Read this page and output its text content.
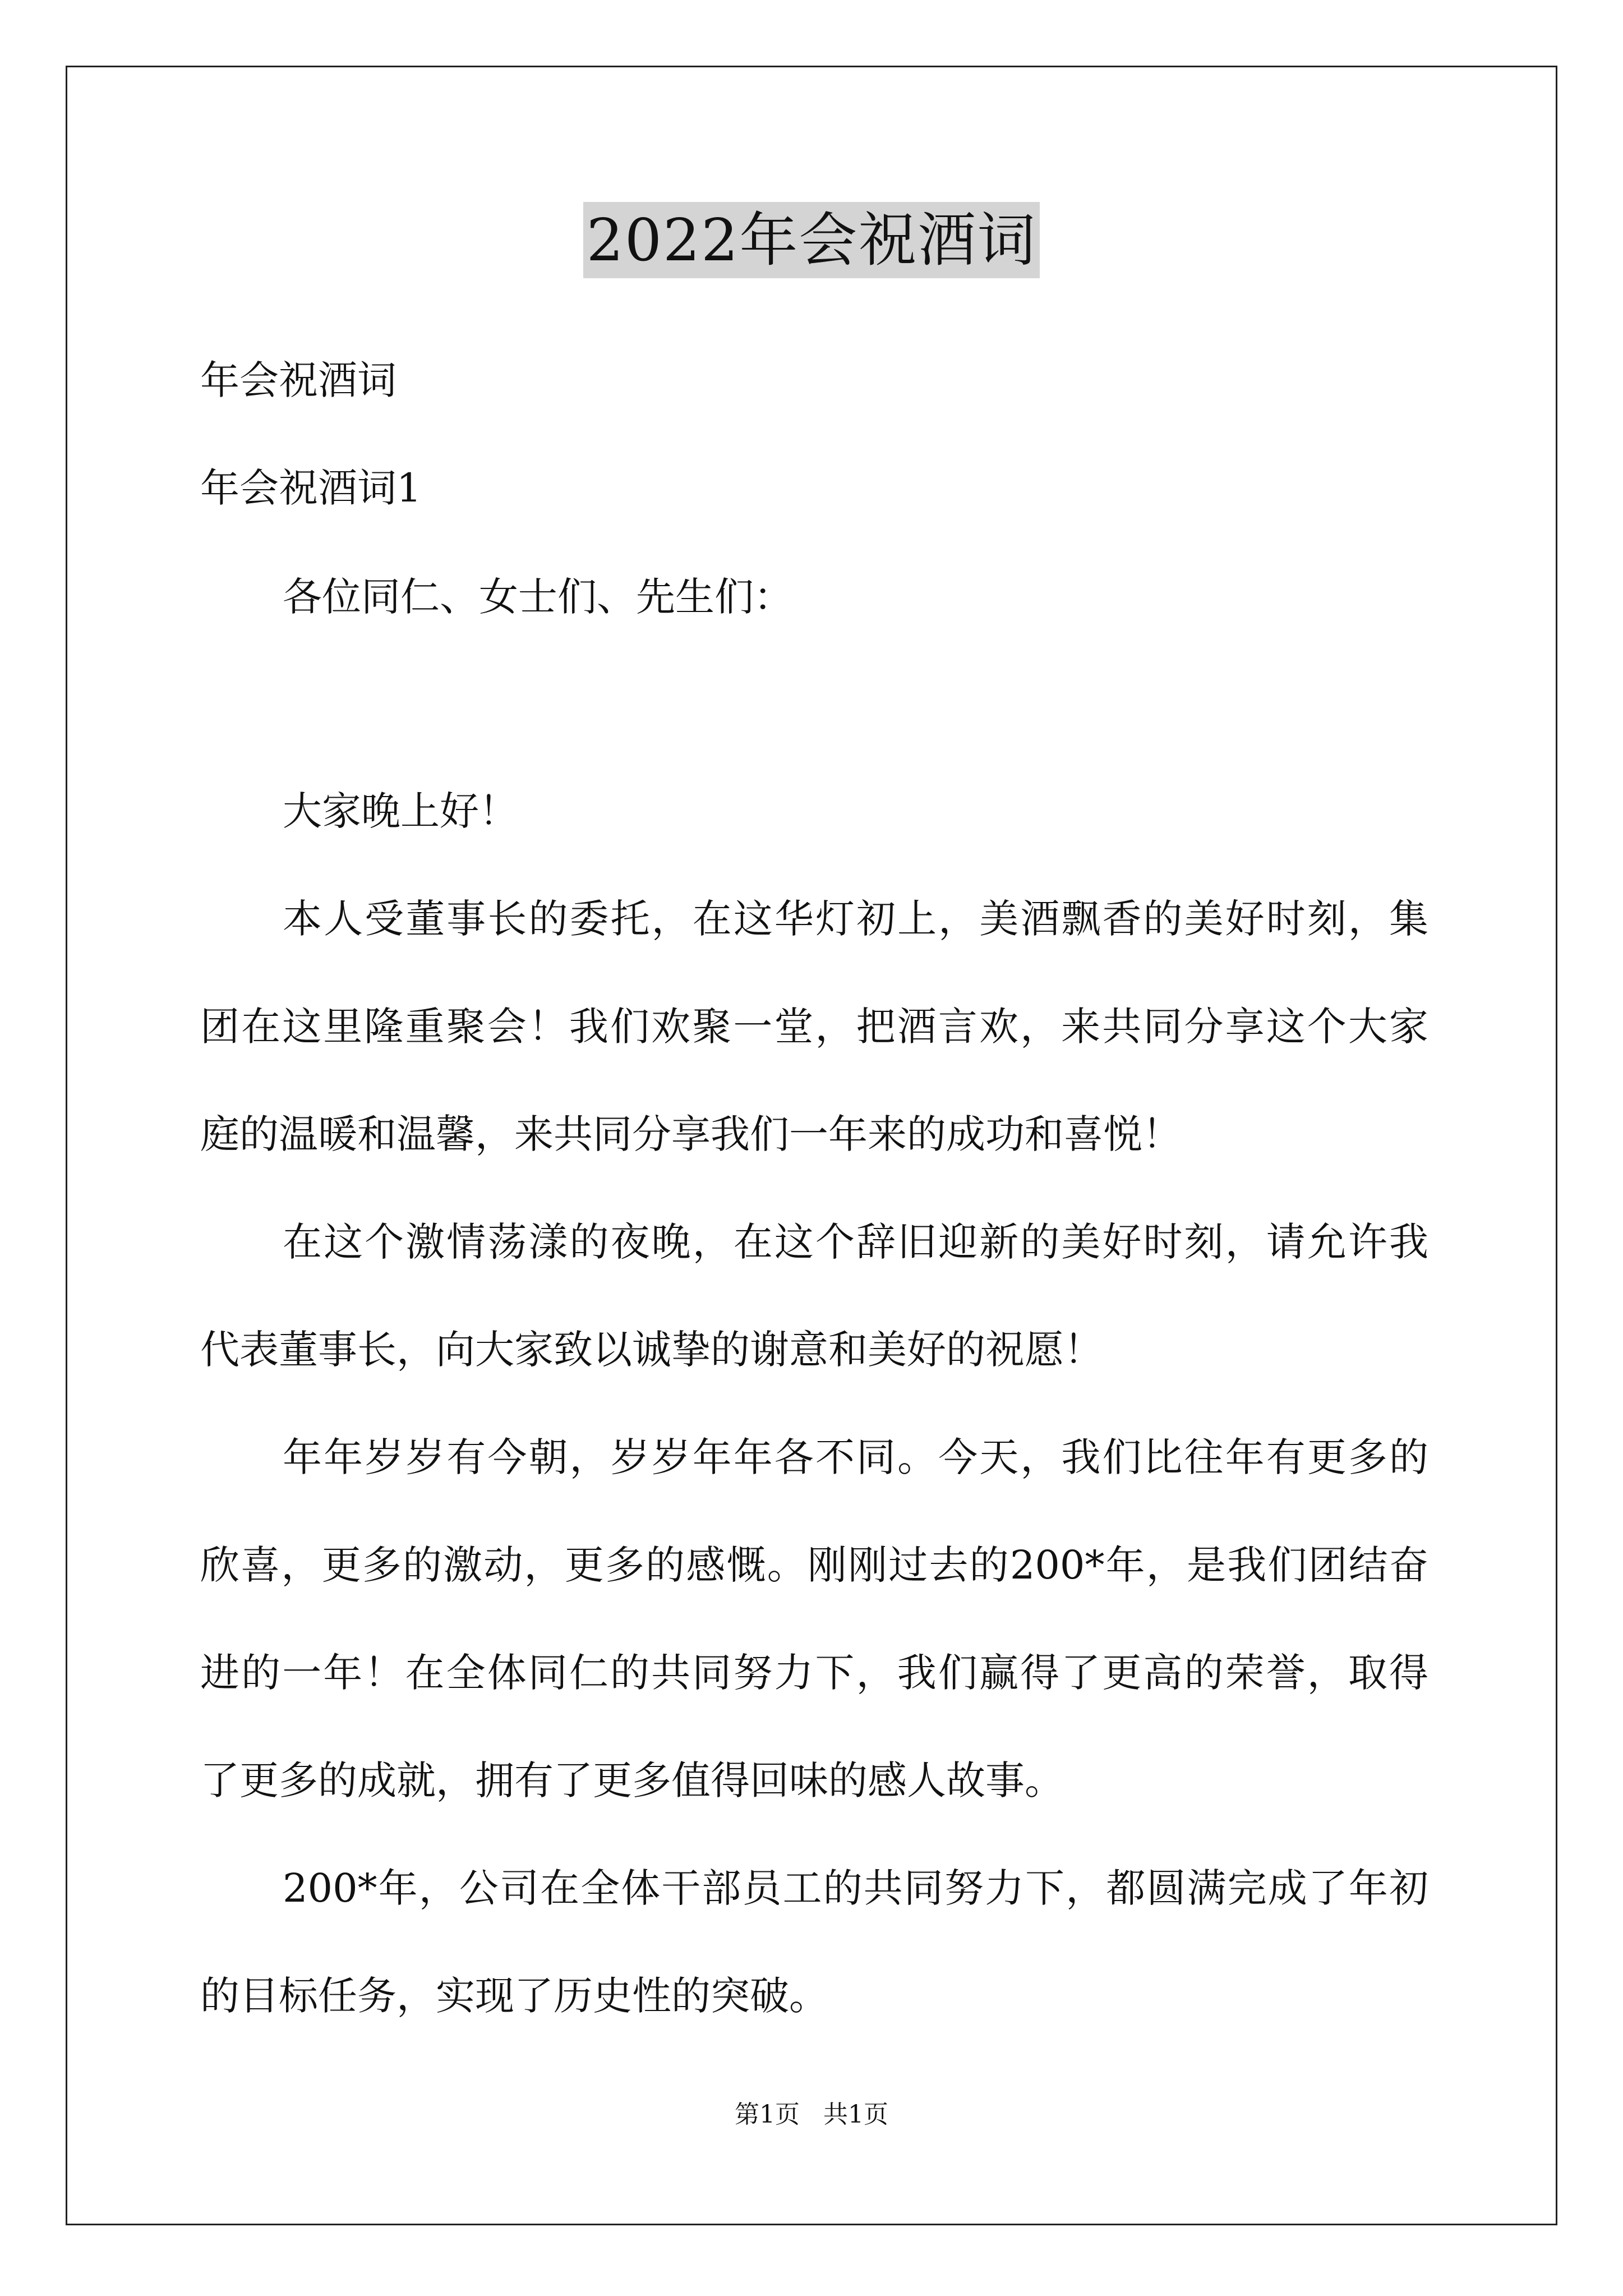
2022年会祝酒词
年会祝酒词
年会祝酒词1
各位同仁、女士们、先生们：
大家晚上好！
本人受董事长的委托，在这华灯初上，美酒飘香的美好时刻，集
团在这里隆重聚会！我们欢聚一堂，把酒言欢，来共同分享这个大家
庭的温暖和温馨，来共同分享我们一年来的成功和喜悦！
在这个激情荡漾的夜晚，在这个辞旧迎新的美好时刻，请允许我
代表董事长，向大家致以诚挚的谢意和美好的祝愿！
年年岁岁有今朝，岁岁年年各不同。今天，我们比往年有更多的
欣喜，更多的激动，更多的感慨。刚刚过去的200*年，是我们团结奋
进的一年！在全体同仁的共同努力下，我们赢得了更高的荣誉，取得
了更多的成就，拥有了更多值得回味的感人故事。
200*年，公司在全体干部员工的共同努力下，都圆满完成了年初
的目标任务，实现了历史性的突破。
第1页   共1页
